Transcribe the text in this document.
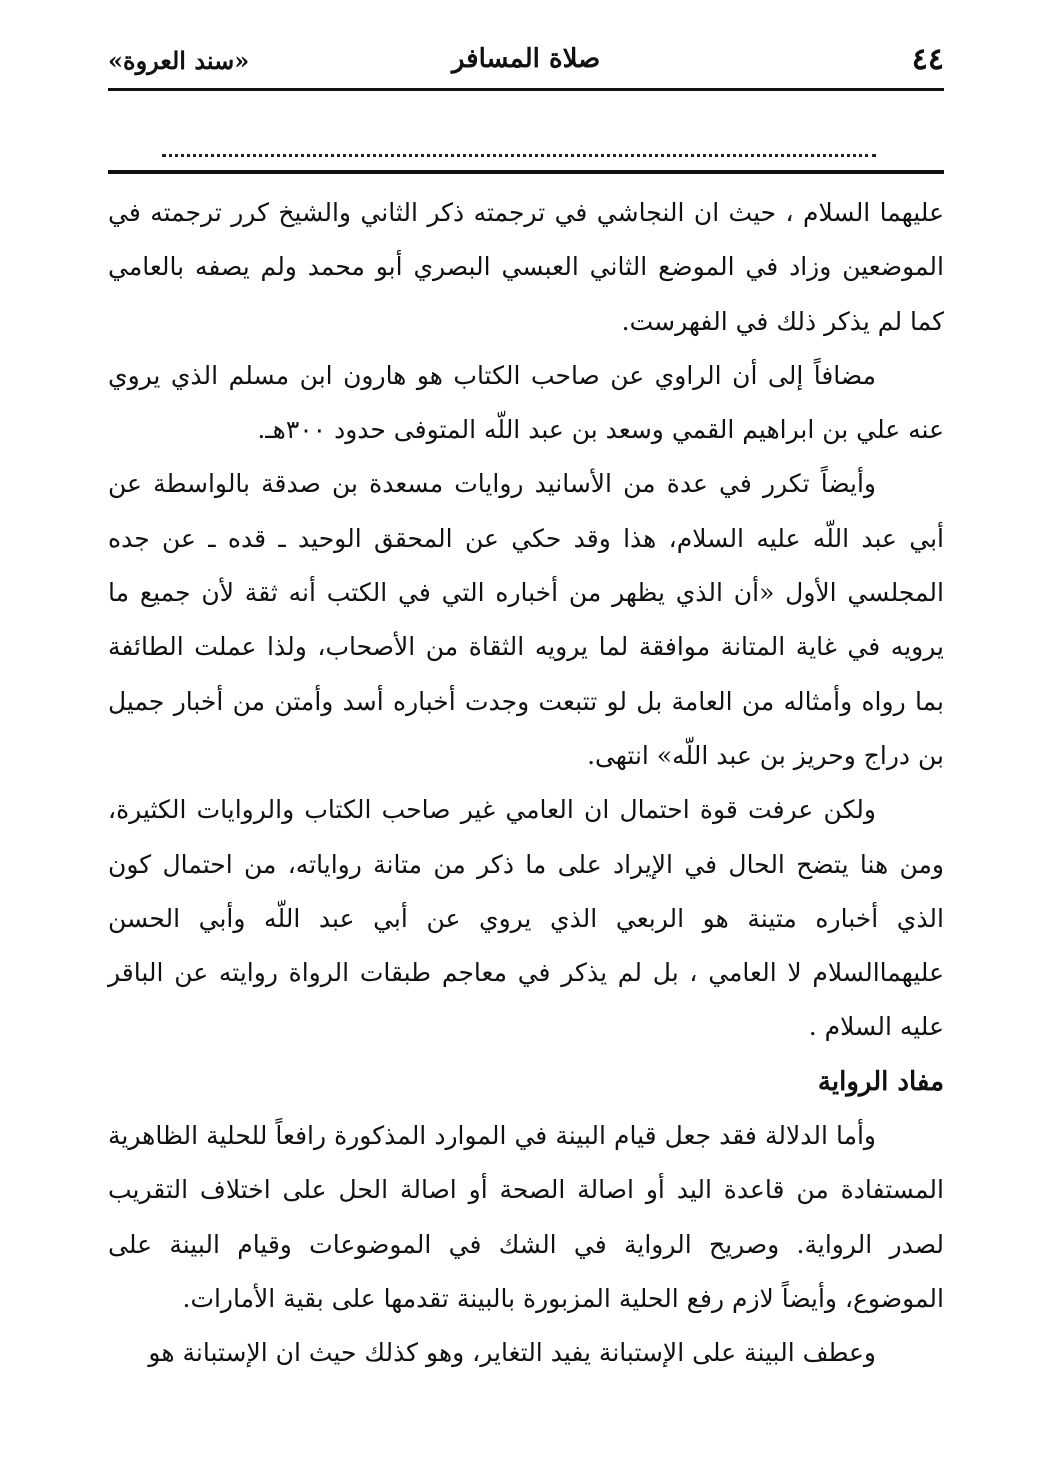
٤٤
صلاة المسافر
«سند العروة»

عليهما السلام ، حيث ان النجاشي في ترجمته ذكر الثاني والشيخ كرر ترجمته في الموضعين وزاد في الموضع الثاني العبسي البصري أبو محمد ولم يصفه بالعامي كما لم يذكر ذلك في الفهرست.

مضافاً إلى أن الراوي عن صاحب الكتاب هو هارون ابن مسلم الذي يروي عنه علي بن ابراهيم القمي وسعد بن عبد اللّه المتوفى حدود ٣٠٠هـ.

وأيضاً تكرر في عدة من الأسانيد روايات مسعدة بن صدقة بالواسطة عن أبي عبد اللّه عليه السلام، هذا وقد حكي عن المحقق الوحيد ـ قده ـ عن جده المجلسي الأول «أن الذي يظهر من أخباره التي في الكتب أنه ثقة لأن جميع ما يرويه في غاية المتانة موافقة لما يرويه الثقاة من الأصحاب، ولذا عملت الطائفة بما رواه وأمثاله من العامة بل لو تتبعت وجدت أخباره أسد وأمتن من أخبار جميل بن دراج وحريز بن عبد اللّه» انتهى.

ولكن عرفت قوة احتمال ان العامي غير صاحب الكتاب والروايات الكثيرة، ومن هنا يتضح الحال في الإيراد على ما ذكر من متانة رواياته، من احتمال كون الذي أخباره متينة هو الربعي الذي يروي عن أبي عبد اللّه وأبي الحسن عليهماالسلام لا العامي ، بل لم يذكر في معاجم طبقات الرواة روايته عن الباقر عليه السلام .

مفاد الرواية

وأما الدلالة فقد جعل قيام البينة في الموارد المذكورة رافعاً للحلية الظاهرية المستفادة من قاعدة اليد أو اصالة الصحة أو اصالة الحل على اختلاف التقريب لصدر الرواية. وصريح الرواية في الشك في الموضوعات وقيام البينة على الموضوع، وأيضاً لازم رفع الحلية المزبورة بالبينة تقدمها على بقية الأمارات.

وعطف البينة على الإستبانة يفيد التغاير، وهو كذلك حيث ان الإستبانة هو
